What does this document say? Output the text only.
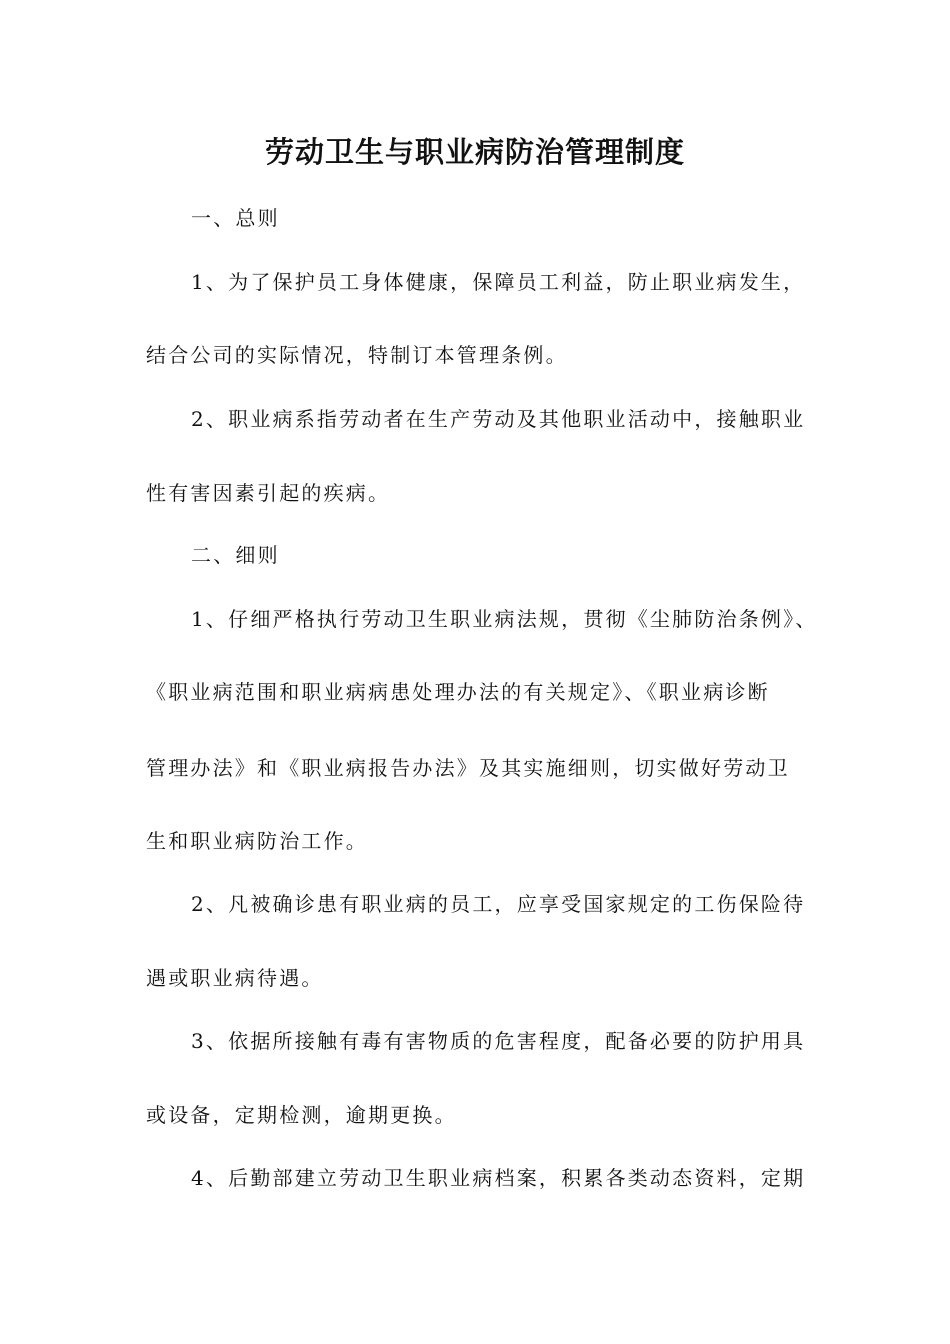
劳动卫生与职业病防治管理制度

一、总则

1、为了保护员工身体健康，保障员工利益，防止职业病发生，

结合公司的实际情况，特制订本管理条例。

2、职业病系指劳动者在生产劳动及其他职业活动中，接触职业

性有害因素引起的疾病。

二、细则

1、仔细严格执行劳动卫生职业病法规，贯彻《尘肺防治条例》、

《职业病范围和职业病病患处理办法的有关规定》、《职业病诊断

管理办法》和《职业病报告办法》及其实施细则，切实做好劳动卫

生和职业病防治工作。

2、凡被确诊患有职业病的员工，应享受国家规定的工伤保险待

遇或职业病待遇。

3、依据所接触有毒有害物质的危害程度，配备必要的防护用具

或设备，定期检测，逾期更换。

4、后勤部建立劳动卫生职业病档案，积累各类动态资料，定期
